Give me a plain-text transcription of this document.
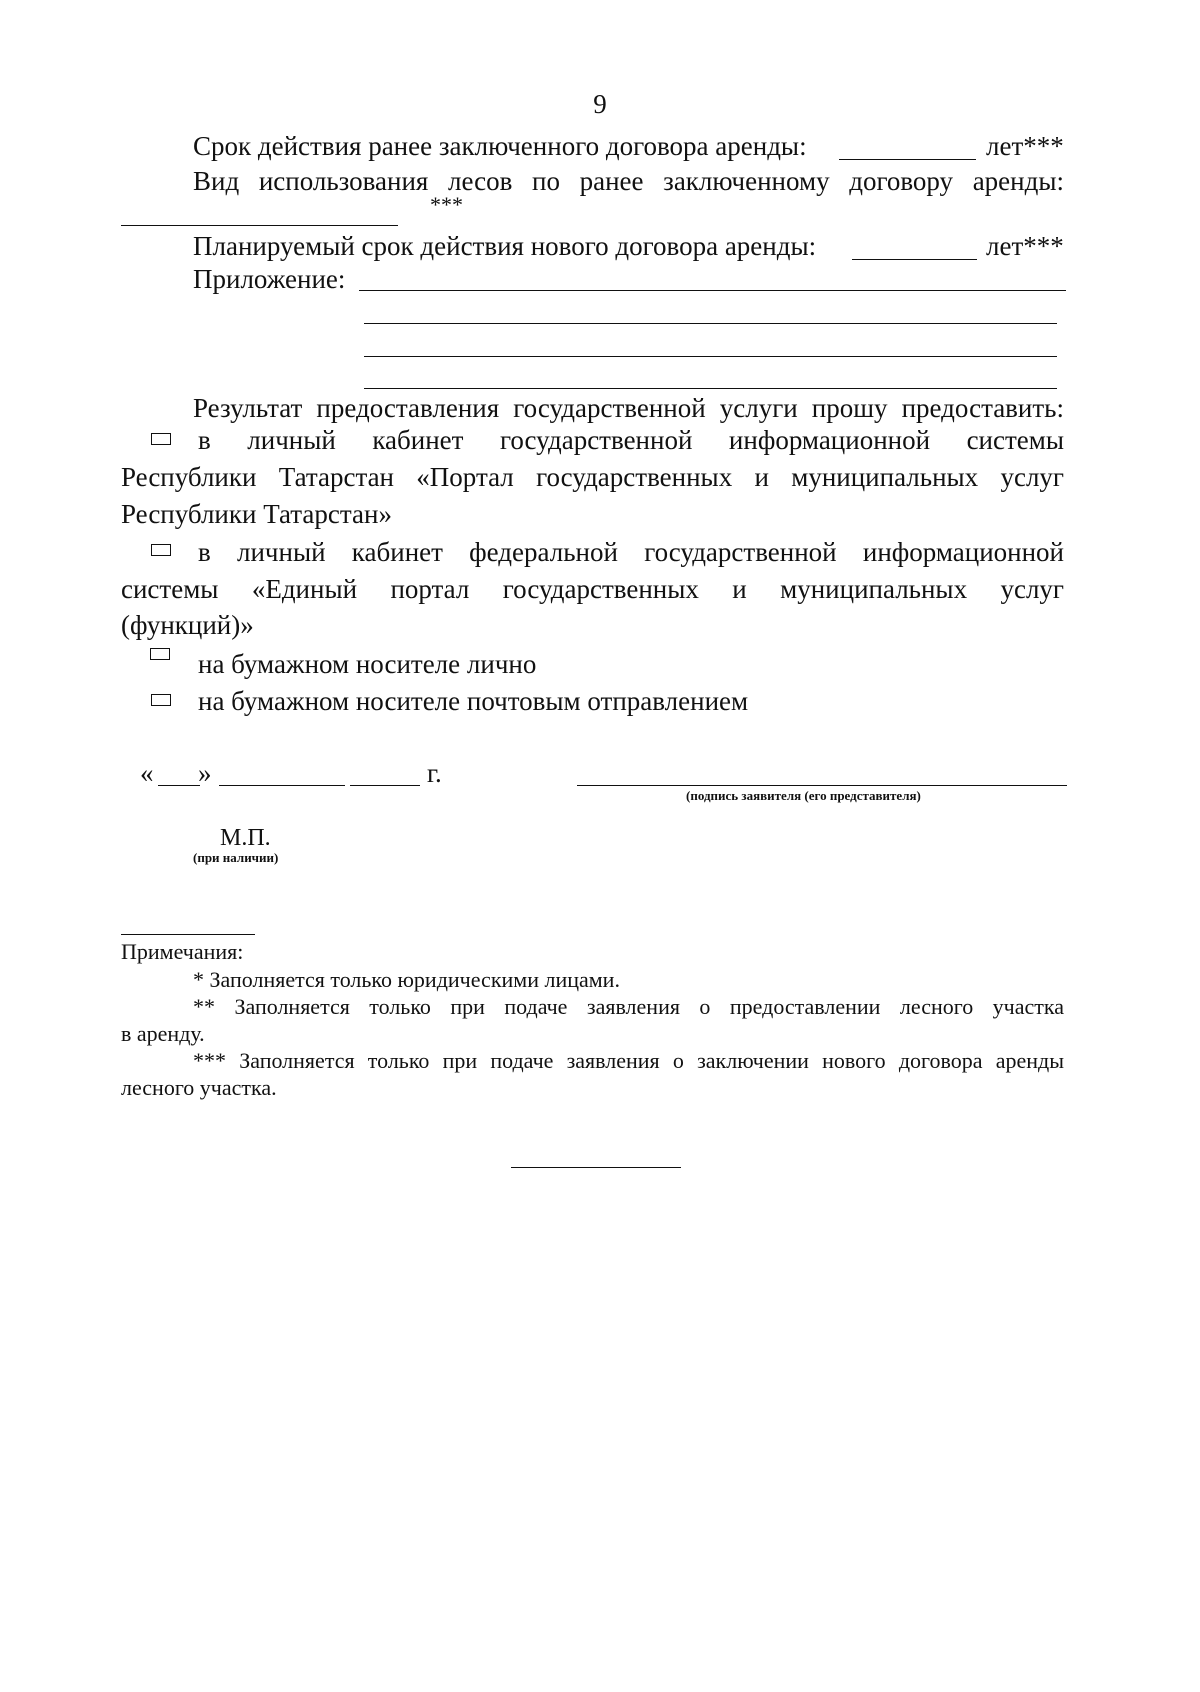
9
Срок действия ранее заключенного договора аренды:	лет***
Вид использования лесов по ранее заключенному договору аренды:
***
Планируемый срок действия нового договора аренды:	лет***
Приложение:
Результат предоставления государственной услуги прошу предоставить:
в личный кабинет государственной информационной системы
Республики Татарстан «Портал государственных и муниципальных услуг
Республики Татарстан»
в личный кабинет федеральной государственной информационной
системы «Единый портал государственных и муниципальных услуг
(функций)»
на бумажном носителе лично
на бумажном носителе почтовым отправлением
« »	г.
(подпись заявителя (его представителя)
М.П.
(при наличии)
Примечания:
* Заполняется только юридическими лицами.
** Заполняется только при подаче заявления о предоставлении лесного участка
в аренду.
*** Заполняется только при подаче заявления о заключении нового договора аренды
лесного участка.
